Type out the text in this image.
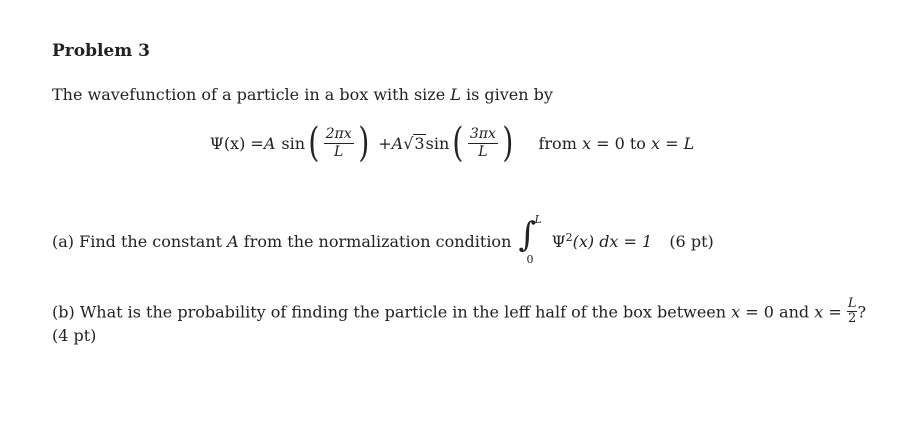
Problem 3
The wavefunction of a particle in a box with size L is given by
Ψ(x) = A sin ( $\frac{2\pi x}{L}$ ) + A √3 sin ( $\frac{3\pi x}{L}$ ) from x = 0 to x = L
(a) Find the constant A from the normalization condition ∫
L
0
$\Psi^2(x)$ dx = 1 (6 pt)
(b) What is the probability of finding the particle in the leff half of the box between x = 0 and $x = \frac{L}{2}$ ?
(4 pt)
